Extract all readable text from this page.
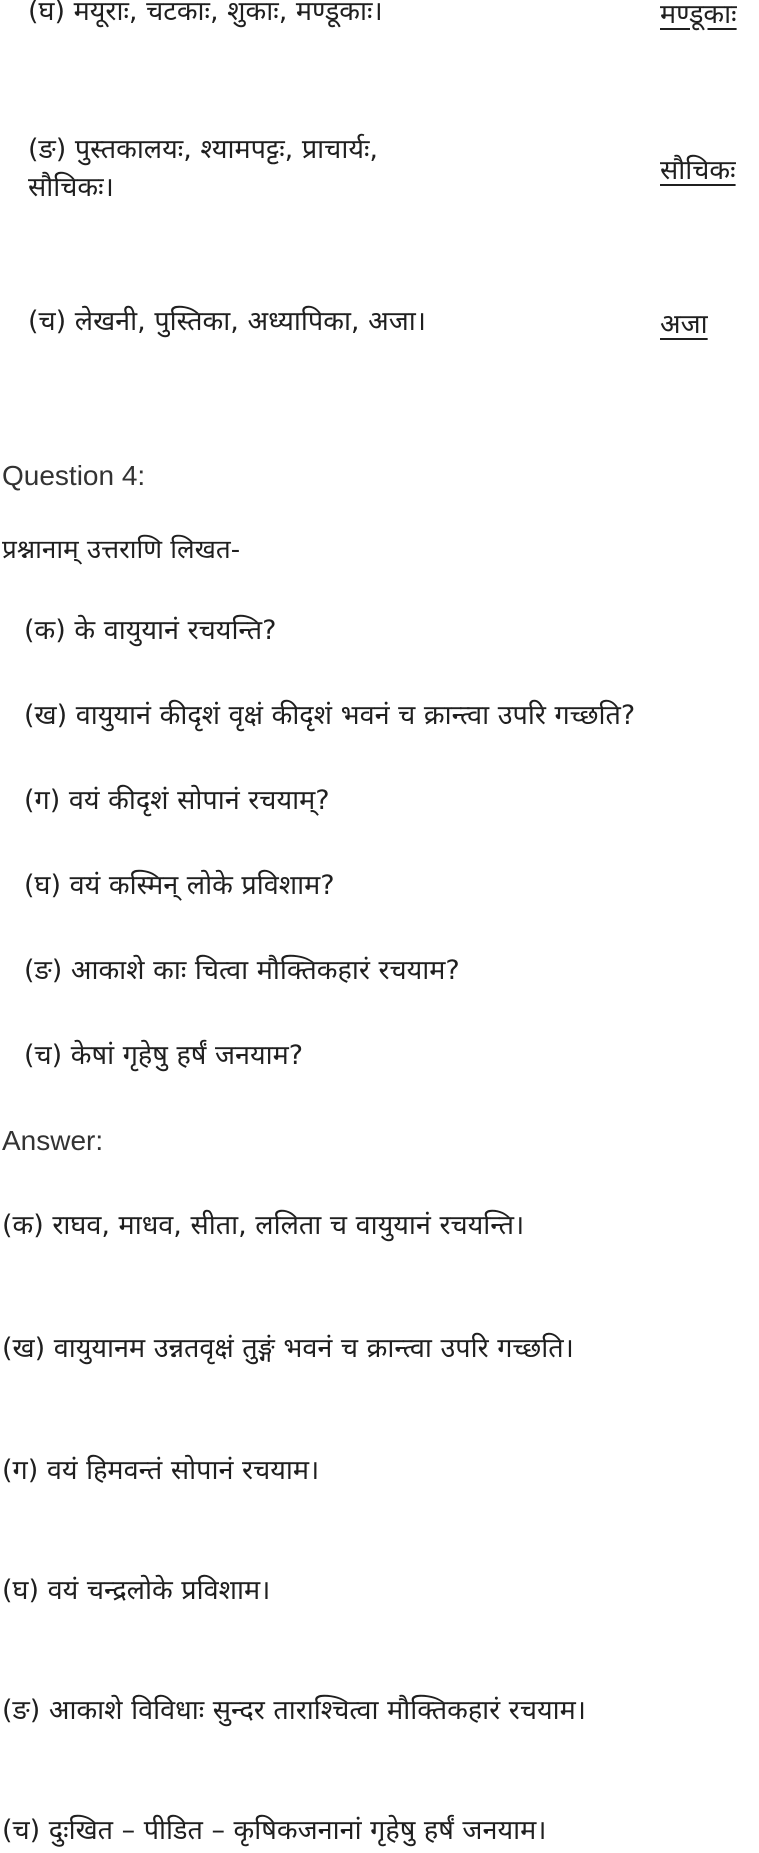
(घ) मयूराः, चटकाः, शुकाः, मण्डूकाः।	मण्डूकाः
(ङ) पुस्तकालयः, श्यामपट्टः, प्राचार्यः,
सौचिकः।
सौचिकः
(च) लेखनी, पुस्तिका, अध्यापिका, अजा।	अजा
Question 4:
प्रश्नानाम् उत्तराणि लिखत-
(क) के वायुयानं रचयन्ति?
(ख) वायुयानं कीदृशं वृक्षं कीदृशं भवनं च क्रान्त्वा उपरि गच्छति?
(ग) वयं कीदृशं सोपानं रचयाम्?
(घ) वयं कस्मिन् लोके प्रविशाम?
(ङ) आकाशे काः चित्वा मौक्तिकहारं रचयाम?
(च) केषां गृहेषु हर्षं जनयाम?
Answer:
(क) राघव, माधव, सीता, ललिता च वायुयानं रचयन्ति।
(ख) वायुयानम उन्नतवृक्षं तुङ्गं भवनं च क्रान्त्वा उपरि गच्छति।
(ग) वयं हिमवन्तं सोपानं रचयाम।
(घ) वयं चन्द्रलोके प्रविशाम।
(ङ) आकाशे विविधाः सुन्दर ताराश्चित्वा मौक्तिकहारं रचयाम।
(च) दुःखित – पीडित – कृषिकजनानां गृहेषु हर्षं जनयाम।
